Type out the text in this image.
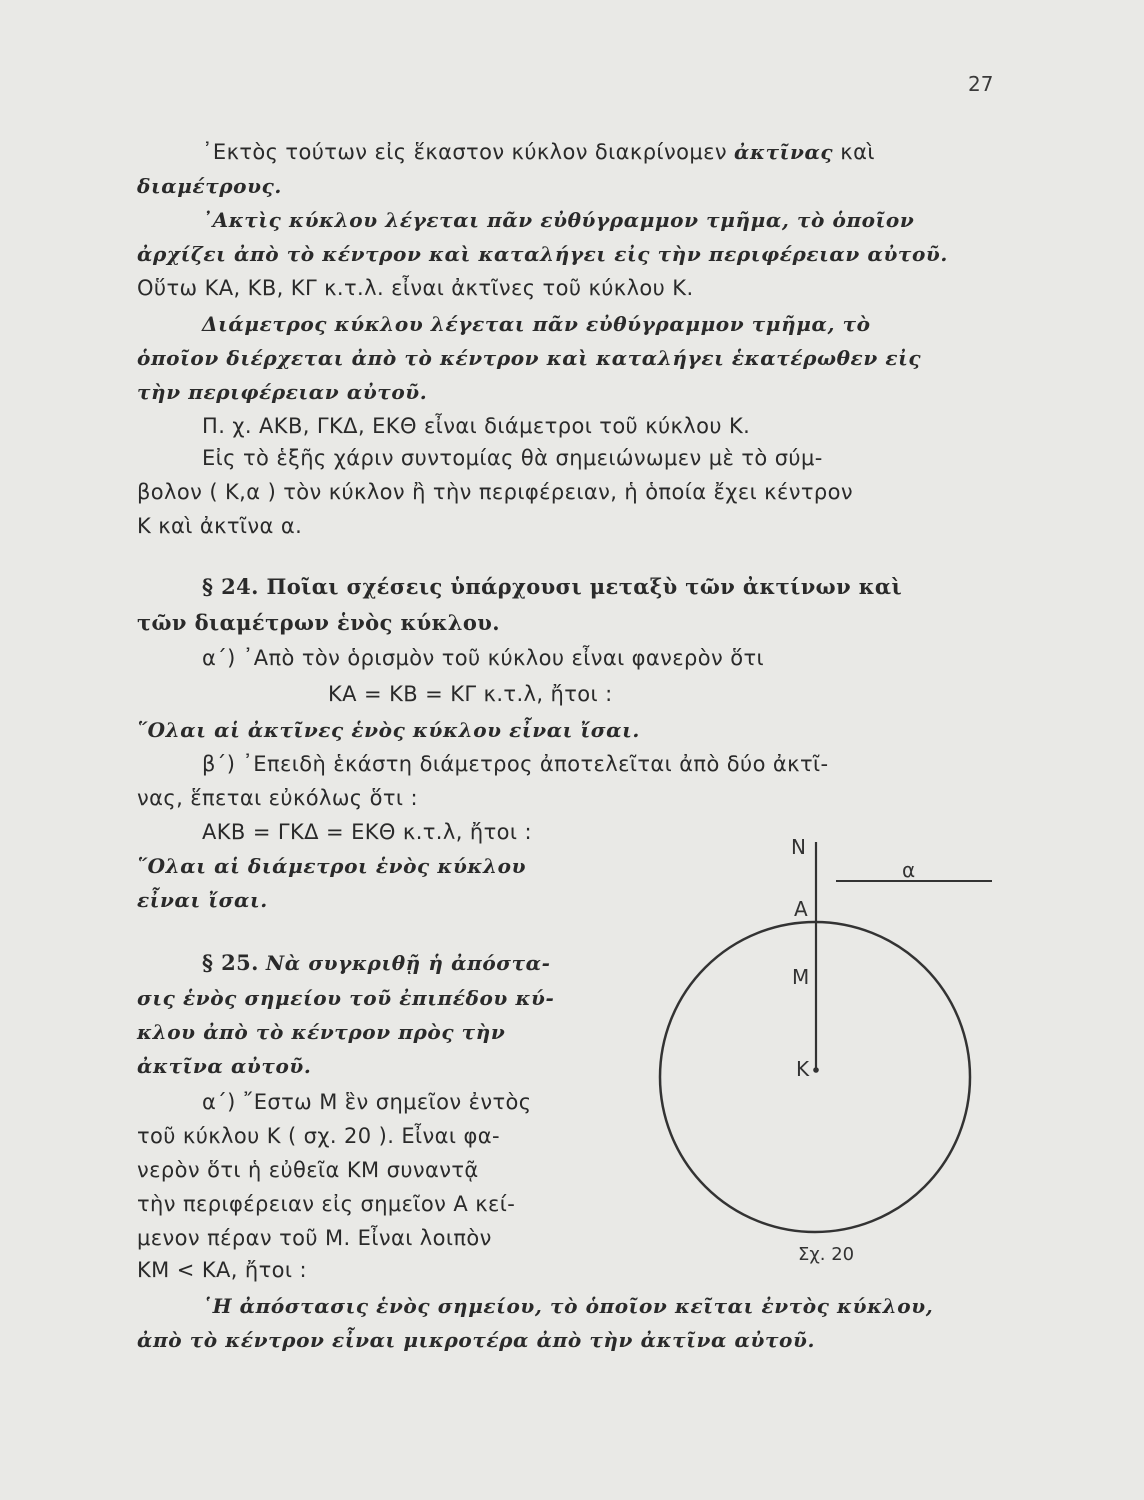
27
᾿Εκτὸς τούτων εἰς ἕκαστον κύκλον διακρίνομεν ἀκτῖνας καὶ
διαμέτρους.
᾿Ακτὶς κύκλου λέγεται πᾶν εὐθύγραμμον τμῆμα, τὸ ὁποῖον
ἀρχίζει ἀπὸ τὸ κέντρον καὶ καταλήγει εἰς τὴν περιφέρειαν αὐτοῦ.
Οὕτω ΚΑ, ΚΒ, ΚΓ κ.τ.λ. εἶναι ἀκτῖνες τοῦ κύκλου Κ.
Διάμετρος κύκλου λέγεται πᾶν εὐθύγραμμον τμῆμα, τὸ
ὁποῖον διέρχεται ἀπὸ τὸ κέντρον καὶ καταλήγει ἑκατέρωθεν εἰς
τὴν περιφέρειαν αὐτοῦ.
Π. χ. ΑΚΒ, ΓΚΔ, ΕΚΘ εἶναι διάμετροι τοῦ κύκλου Κ.
Εἰς τὸ ἑξῆς χάριν συντομίας θὰ σημειώνωμεν μὲ τὸ σύμ-
βολον ( Κ,α ) τὸν κύκλον ἢ τὴν περιφέρειαν, ἡ ὁποία ἔχει κέντρον
Κ καὶ ἀκτῖνα α.
§ 24. Ποῖαι σχέσεις ὑπάρχουσι μεταξὺ τῶν ἀκτίνων καὶ
τῶν διαμέτρων ἑνὸς κύκλου.
α΄) ᾿Απὸ τὸν ὁρισμὸν τοῦ κύκλου εἶναι φανερὸν ὅτι
ΚΑ = ΚΒ = ΚΓ κ.τ.λ, ἤτοι :
῞Ολαι αἱ ἀκτῖνες ἑνὸς κύκλου εἶναι ἴσαι.
β΄) ᾿Επειδὴ ἑκάστη διάμετρος ἀποτελεῖται ἀπὸ δύο ἀκτῖ-
νας, ἕπεται εὐκόλως ὅτι :
ΑΚΒ = ΓΚΔ = ΕΚΘ κ.τ.λ, ἤτοι :
῞Ολαι αἱ διάμετροι ἑνὸς κύκλου
εἶναι ἴσαι.
§ 25. Νὰ συγκριθῇ ἡ ἀπόστα-
σις ἑνὸς σημείου τοῦ ἐπιπέδου κύ-
κλου ἀπὸ τὸ κέντρον πρὸς τὴν
ἀκτῖνα αὐτοῦ.
α΄) ῎Εστω Μ ἓν σημεῖον ἐντὸς
τοῦ κύκλου Κ ( σχ. 20 ). Εἶναι φα-
νερὸν ὅτι ἡ εὐθεῖα ΚΜ συναντᾷ
τὴν περιφέρειαν εἰς σημεῖον Α κεί-
μενον πέραν τοῦ Μ. Εἶναι λοιπὸν
ΚΜ < ΚΑ, ἤτοι :
῾Η ἀπόστασις ἑνὸς σημείου, τὸ ὁποῖον κεῖται ἐντὸς κύκλου,
ἀπὸ τὸ κέντρον εἶναι μικροτέρα ἀπὸ τὴν ἀκτῖνα αὐτοῦ.
N
A
M
K
α
Σχ. 20
